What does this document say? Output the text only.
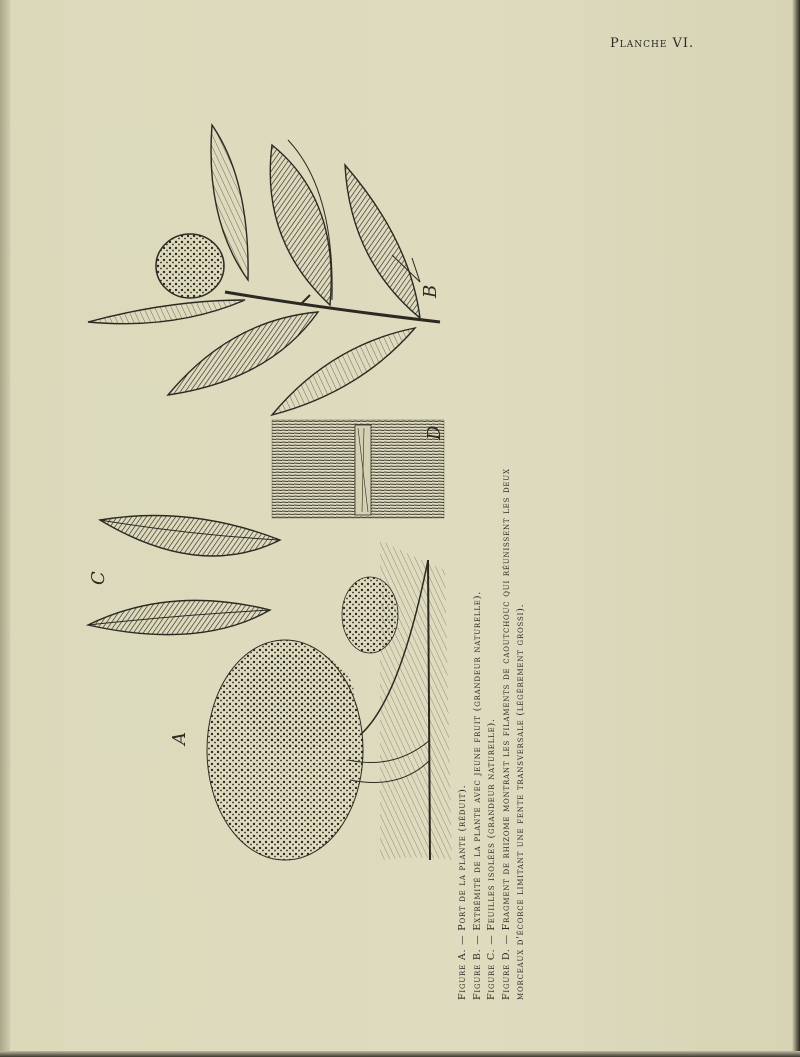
Planche VI.
B
D
C
A
Figure A. — Port de la plante (réduit). Figure B. — Extrémité de la plante avec jeune fruit (grandeur naturelle). Figure C. — Feuilles isolées (grandeur naturelle). Figure D. — Fragment de rhizome montrant les filaments de caoutchouc qui réunissent les deux morceaux d'écorce limitant une fente transversale (légèrement grossi).
